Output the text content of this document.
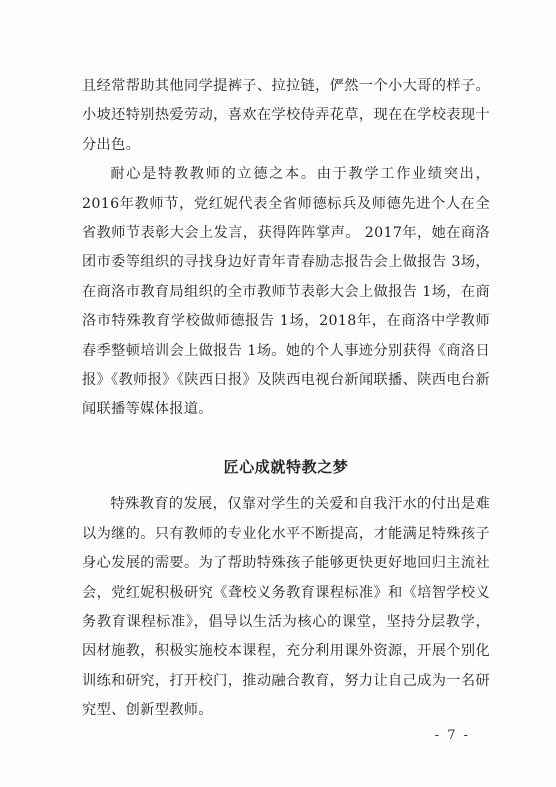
且经常帮助其他同学提裤子、拉拉链，俨然一个小大哥的样子。小坡还特别热爱劳动，喜欢在学校侍弄花草，现在在学校表现十分出色。

耐心是特教教师的立德之本。由于教学工作业绩突出，2016年教师节，党红妮代表全省师德标兵及师德先进个人在全省教师节表彰大会上发言，获得阵阵掌声。 2017年，她在商洛团市委等组织的寻找身边好青年青春励志报告会上做报告 3场，在商洛市教育局组织的全市教师节表彰大会上做报告 1场，在商洛市特殊教育学校做师德报告 1场，2018年，在商洛中学教师春季整顿培训会上做报告 1场。她的个人事迹分别获得《商洛日报》《教师报》《陕西日报》及陕西电视台新闻联播、陕西电台新闻联播等媒体报道。

匠心成就特教之梦

特殊教育的发展，仅靠对学生的关爱和自我汗水的付出是难以为继的。只有教师的专业化水平不断提高，才能满足特殊孩子身心发展的需要。为了帮助特殊孩子能够更快更好地回归主流社会，党红妮积极研究《聋校义务教育课程标准》和《培智学校义务教育课程标准》，倡导以生活为核心的课堂，坚持分层教学，因材施教，积极实施校本课程，充分利用课外资源，开展个别化训练和研究，打开校门，推动融合教育，努力让自己成为一名研究型、创新型教师。

- 7 -
